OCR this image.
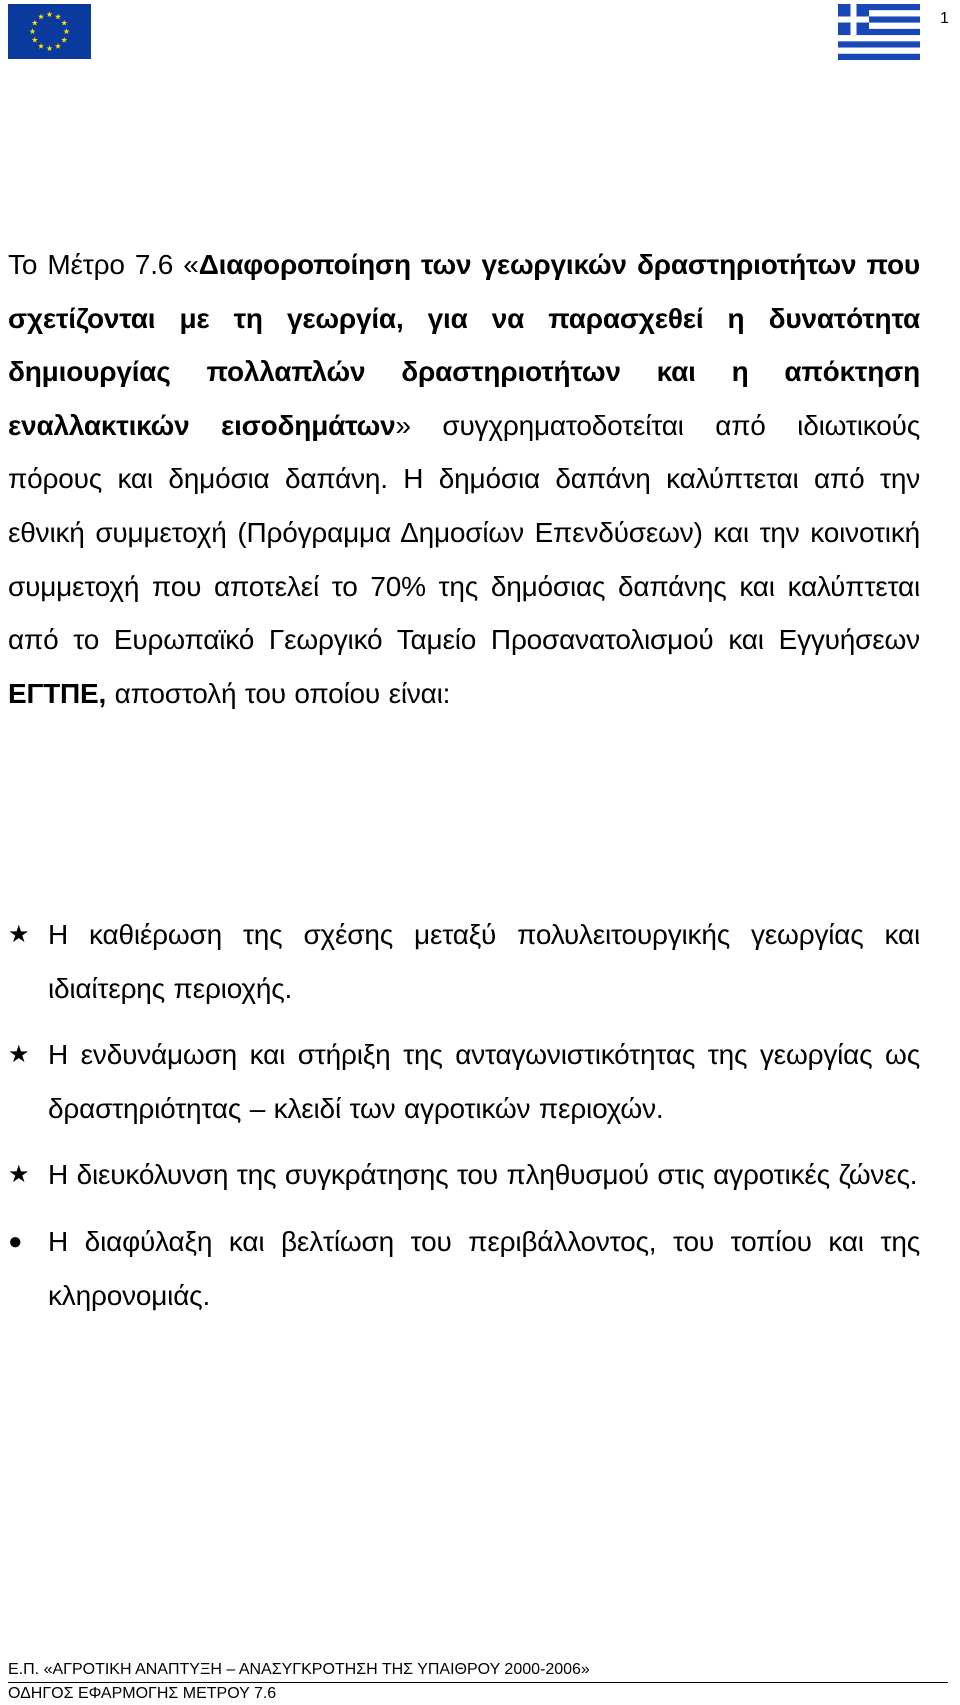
Το Μέτρο 7.6 «Διαφοροποίηση των γεωργικών δραστηριοτήτων που σχετίζονται με τη γεωργία, για να παρασχεθεί η δυνατότητα δημιουργίας πολλαπλών δραστηριοτήτων και η απόκτηση εναλλακτικών εισοδημάτων» συγχρηματοδοτείται από ιδιωτικούς πόρους και δημόσια δαπάνη. Η δημόσια δαπάνη καλύπτεται από την εθνική συμμετοχή (Πρόγραμμα Δημοσίων Επενδύσεων) και την κοινοτική συμμετοχή που αποτελεί το 70% της δημόσιας δαπάνης και καλύπτεται από το Ευρωπαϊκό Γεωργικό Ταμείο Προσανατολισμού και Εγγυήσεων ΕΓΤΠΕ, αποστολή του οποίου είναι:
★ Η καθιέρωση της σχέσης μεταξύ πολυλειτουργικής γεωργίας και ιδιαίτερης περιοχής.
★ Η ενδυνάμωση και στήριξη της ανταγωνιστικότητας της γεωργίας ως δραστηριότητας – κλειδί των αγροτικών περιοχών.
★ Η διευκόλυνση της συγκράτησης του πληθυσμού στις αγροτικές ζώνες.
● Η διαφύλαξη και βελτίωση του περιβάλλοντος, του τοπίου και της κληρονομιάς.
Ε.Π. «ΑΓΡΟΤΙΚΗ ΑΝΑΠΤΥΞΗ – ΑΝΑΣΥΓΚΡΟΤΗΣΗ ΤΗΣ ΥΠΑΙΘΡΟΥ 2000-2006»
ΟΔΗΓΟΣ ΕΦΑΡΜΟΓΗΣ ΜΕΤΡΟΥ 7.6
1
